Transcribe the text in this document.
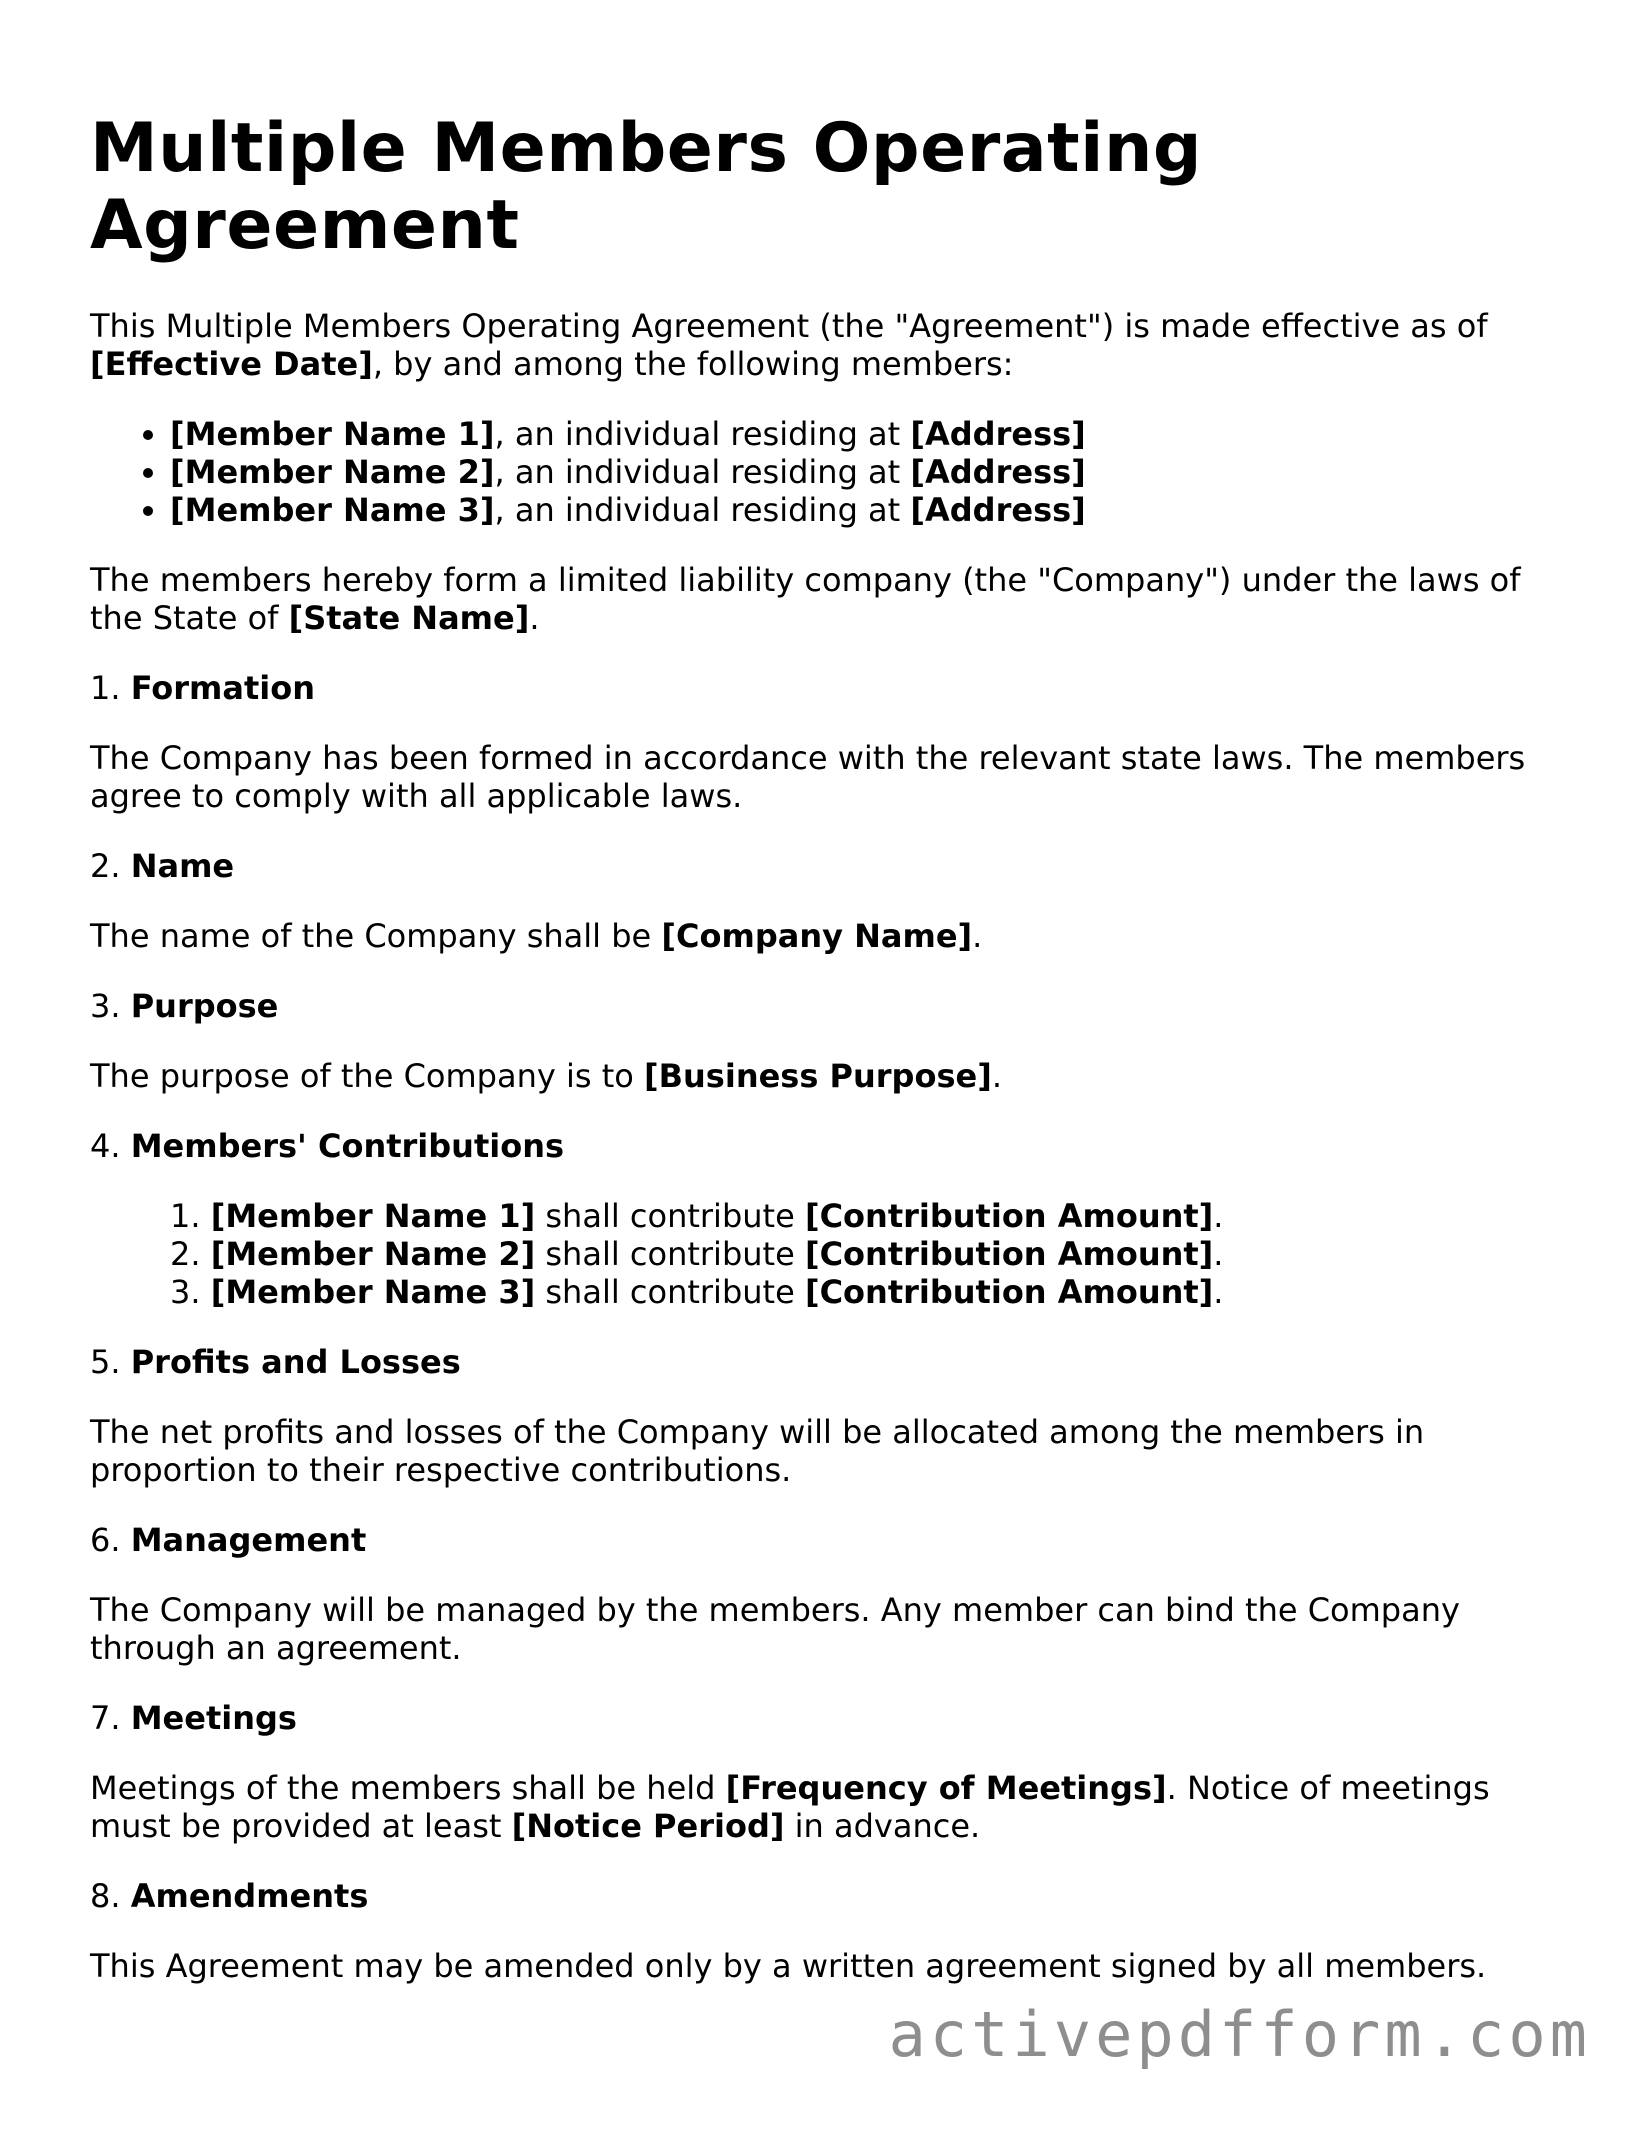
Multiple Members Operating Agreement

This Multiple Members Operating Agreement (the "Agreement") is made effective as of [Effective Date], by and among the following members:

• [Member Name 1], an individual residing at [Address]
• [Member Name 2], an individual residing at [Address]
• [Member Name 3], an individual residing at [Address]

The members hereby form a limited liability company (the "Company") under the laws of the State of [State Name].

1. Formation

The Company has been formed in accordance with the relevant state laws. The members agree to comply with all applicable laws.

2. Name

The name of the Company shall be [Company Name].

3. Purpose

The purpose of the Company is to [Business Purpose].

4. Members' Contributions

1. [Member Name 1] shall contribute [Contribution Amount].
2. [Member Name 2] shall contribute [Contribution Amount].
3. [Member Name 3] shall contribute [Contribution Amount].

5. Profits and Losses

The net profits and losses of the Company will be allocated among the members in proportion to their respective contributions.

6. Management

The Company will be managed by the members. Any member can bind the Company through an agreement.

7. Meetings

Meetings of the members shall be held [Frequency of Meetings]. Notice of meetings must be provided at least [Notice Period] in advance.

8. Amendments

This Agreement may be amended only by a written agreement signed by all members.

activepdfform.com
